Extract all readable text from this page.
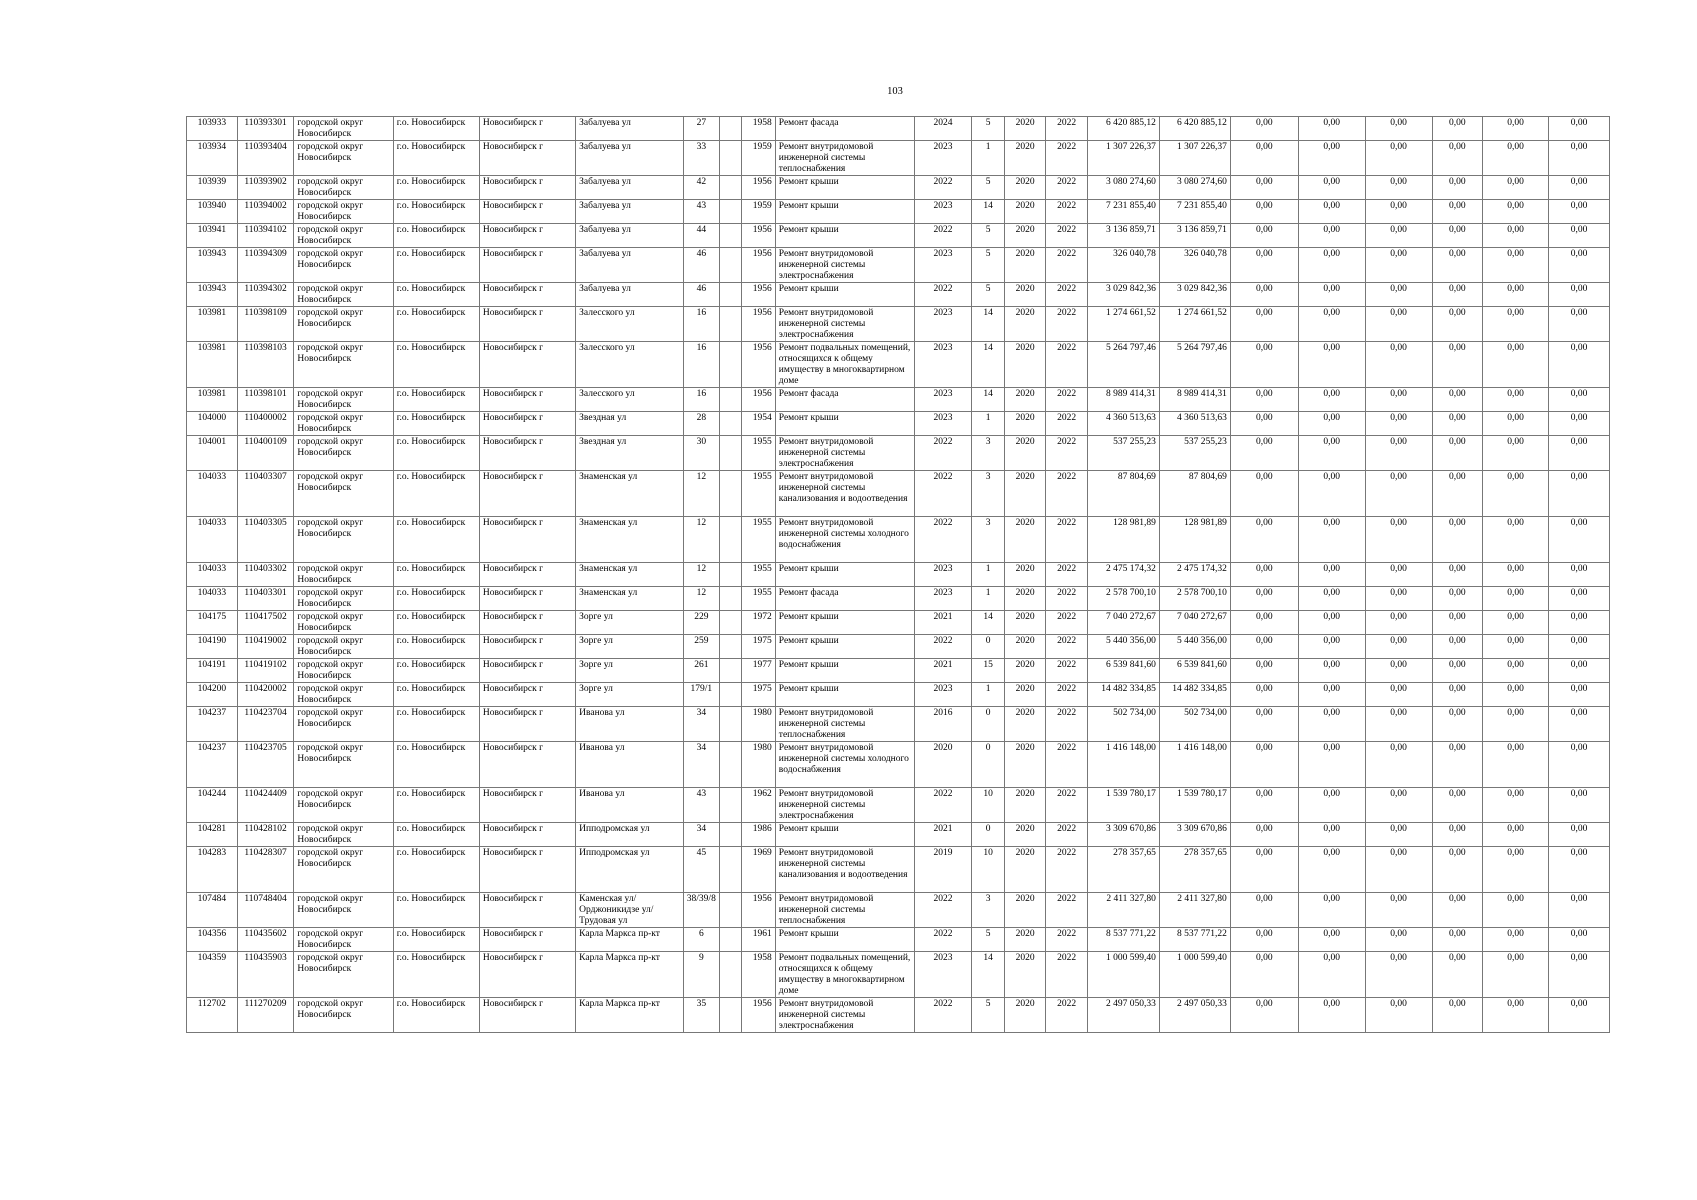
103
103933	110393301	городской округ Новосибирск	г.о. Новосибирск	Новосибирск г	Забалуева ул	27		1958	Ремонт фасада	2024	5	2020	2022	6 420 885,12	6 420 885,12	0,00	0,00	0,00	0,00	0,00	0,00
103934	110393404	городской округ Новосибирск	г.о. Новосибирск	Новосибирск г	Забалуева ул	33		1959	Ремонт внутридомовой инженерной системы теплоснабжения	2023	1	2020	2022	1 307 226,37	1 307 226,37	0,00	0,00	0,00	0,00	0,00	0,00
103939	110393902	городской округ Новосибирск	г.о. Новосибирск	Новосибирск г	Забалуева ул	42		1956	Ремонт крыши	2022	5	2020	2022	3 080 274,60	3 080 274,60	0,00	0,00	0,00	0,00	0,00	0,00
103940	110394002	городской округ Новосибирск	г.о. Новосибирск	Новосибирск г	Забалуева ул	43		1959	Ремонт крыши	2023	14	2020	2022	7 231 855,40	7 231 855,40	0,00	0,00	0,00	0,00	0,00	0,00
103941	110394102	городской округ Новосибирск	г.о. Новосибирск	Новосибирск г	Забалуева ул	44		1956	Ремонт крыши	2022	5	2020	2022	3 136 859,71	3 136 859,71	0,00	0,00	0,00	0,00	0,00	0,00
103943	110394309	городской округ Новосибирск	г.о. Новосибирск	Новосибирск г	Забалуева ул	46		1956	Ремонт внутридомовой инженерной системы электроснабжения	2023	5	2020	2022	326 040,78	326 040,78	0,00	0,00	0,00	0,00	0,00	0,00
103943	110394302	городской округ Новосибирск	г.о. Новосибирск	Новосибирск г	Забалуева ул	46		1956	Ремонт крыши	2022	5	2020	2022	3 029 842,36	3 029 842,36	0,00	0,00	0,00	0,00	0,00	0,00
103981	110398109	городской округ Новосибирск	г.о. Новосибирск	Новосибирск г	Залесского ул	16		1956	Ремонт внутридомовой инженерной системы электроснабжения	2023	14	2020	2022	1 274 661,52	1 274 661,52	0,00	0,00	0,00	0,00	0,00	0,00
103981	110398103	городской округ Новосибирск	г.о. Новосибирск	Новосибирск г	Залесского ул	16		1956	Ремонт подвальных помещений, относящихся к общему имуществу в многоквартирном доме	2023	14	2020	2022	5 264 797,46	5 264 797,46	0,00	0,00	0,00	0,00	0,00	0,00
103981	110398101	городской округ Новосибирск	г.о. Новосибирск	Новосибирск г	Залесского ул	16		1956	Ремонт фасада	2023	14	2020	2022	8 989 414,31	8 989 414,31	0,00	0,00	0,00	0,00	0,00	0,00
104000	110400002	городской округ Новосибирск	г.о. Новосибирск	Новосибирск г	Звездная ул	28		1954	Ремонт крыши	2023	1	2020	2022	4 360 513,63	4 360 513,63	0,00	0,00	0,00	0,00	0,00	0,00
104001	110400109	городской округ Новосибирск	г.о. Новосибирск	Новосибирск г	Звездная ул	30		1955	Ремонт внутридомовой инженерной системы электроснабжения	2022	3	2020	2022	537 255,23	537 255,23	0,00	0,00	0,00	0,00	0,00	0,00
104033	110403307	городской округ Новосибирск	г.о. Новосибирск	Новосибирск г	Знаменская ул	12		1955	Ремонт внутридомовой инженерной системы канализования и водоотведения	2022	3	2020	2022	87 804,69	87 804,69	0,00	0,00	0,00	0,00	0,00	0,00
104033	110403305	городской округ Новосибирск	г.о. Новосибирск	Новосибирск г	Знаменская ул	12		1955	Ремонт внутридомовой инженерной системы холодного водоснабжения	2022	3	2020	2022	128 981,89	128 981,89	0,00	0,00	0,00	0,00	0,00	0,00
104033	110403302	городской округ Новосибирск	г.о. Новосибирск	Новосибирск г	Знаменская ул	12		1955	Ремонт крыши	2023	1	2020	2022	2 475 174,32	2 475 174,32	0,00	0,00	0,00	0,00	0,00	0,00
104033	110403301	городской округ Новосибирск	г.о. Новосибирск	Новосибирск г	Знаменская ул	12		1955	Ремонт фасада	2023	1	2020	2022	2 578 700,10	2 578 700,10	0,00	0,00	0,00	0,00	0,00	0,00
104175	110417502	городской округ Новосибирск	г.о. Новосибирск	Новосибирск г	Зорге ул	229		1972	Ремонт крыши	2021	14	2020	2022	7 040 272,67	7 040 272,67	0,00	0,00	0,00	0,00	0,00	0,00
104190	110419002	городской округ Новосибирск	г.о. Новосибирск	Новосибирск г	Зорге ул	259		1975	Ремонт крыши	2022	0	2020	2022	5 440 356,00	5 440 356,00	0,00	0,00	0,00	0,00	0,00	0,00
104191	110419102	городской округ Новосибирск	г.о. Новосибирск	Новосибирск г	Зорге ул	261		1977	Ремонт крыши	2021	15	2020	2022	6 539 841,60	6 539 841,60	0,00	0,00	0,00	0,00	0,00	0,00
104200	110420002	городской округ Новосибирск	г.о. Новосибирск	Новосибирск г	Зорге ул	179/1		1975	Ремонт крыши	2023	1	2020	2022	14 482 334,85	14 482 334,85	0,00	0,00	0,00	0,00	0,00	0,00
104237	110423704	городской округ Новосибирск	г.о. Новосибирск	Новосибирск г	Иванова ул	34		1980	Ремонт внутридомовой инженерной системы теплоснабжения	2016	0	2020	2022	502 734,00	502 734,00	0,00	0,00	0,00	0,00	0,00	0,00
104237	110423705	городской округ Новосибирск	г.о. Новосибирск	Новосибирск г	Иванова ул	34		1980	Ремонт внутридомовой инженерной системы холодного водоснабжения	2020	0	2020	2022	1 416 148,00	1 416 148,00	0,00	0,00	0,00	0,00	0,00	0,00
104244	110424409	городской округ Новосибирск	г.о. Новосибирск	Новосибирск г	Иванова ул	43		1962	Ремонт внутридомовой инженерной системы электроснабжения	2022	10	2020	2022	1 539 780,17	1 539 780,17	0,00	0,00	0,00	0,00	0,00	0,00
104281	110428102	городской округ Новосибирск	г.о. Новосибирск	Новосибирск г	Ипподромская ул	34		1986	Ремонт крыши	2021	0	2020	2022	3 309 670,86	3 309 670,86	0,00	0,00	0,00	0,00	0,00	0,00
104283	110428307	городской округ Новосибирск	г.о. Новосибирск	Новосибирск г	Ипподромская ул	45		1969	Ремонт внутридомовой инженерной системы канализования и водоотведения	2019	10	2020	2022	278 357,65	278 357,65	0,00	0,00	0,00	0,00	0,00	0,00
107484	110748404	городской округ Новосибирск	г.о. Новосибирск	Новосибирск г	Каменская ул/Орджоникидзе ул/Трудовая ул	38/39/8		1956	Ремонт внутридомовой инженерной системы теплоснабжения	2022	3	2020	2022	2 411 327,80	2 411 327,80	0,00	0,00	0,00	0,00	0,00	0,00
104356	110435602	городской округ Новосибирск	г.о. Новосибирск	Новосибирск г	Карла Маркса пр-кт	6		1961	Ремонт крыши	2022	5	2020	2022	8 537 771,22	8 537 771,22	0,00	0,00	0,00	0,00	0,00	0,00
104359	110435903	городской округ Новосибирск	г.о. Новосибирск	Новосибирск г	Карла Маркса пр-кт	9		1958	Ремонт подвальных помещений, относящихся к общему имуществу в многоквартирном доме	2023	14	2020	2022	1 000 599,40	1 000 599,40	0,00	0,00	0,00	0,00	0,00	0,00
112702	111270209	городской округ Новосибирск	г.о. Новосибирск	Новосибирск г	Карла Маркса пр-кт	35		1956	Ремонт внутридомовой инженерной системы электроснабжения	2022	5	2020	2022	2 497 050,33	2 497 050,33	0,00	0,00	0,00	0,00	0,00	0,00
